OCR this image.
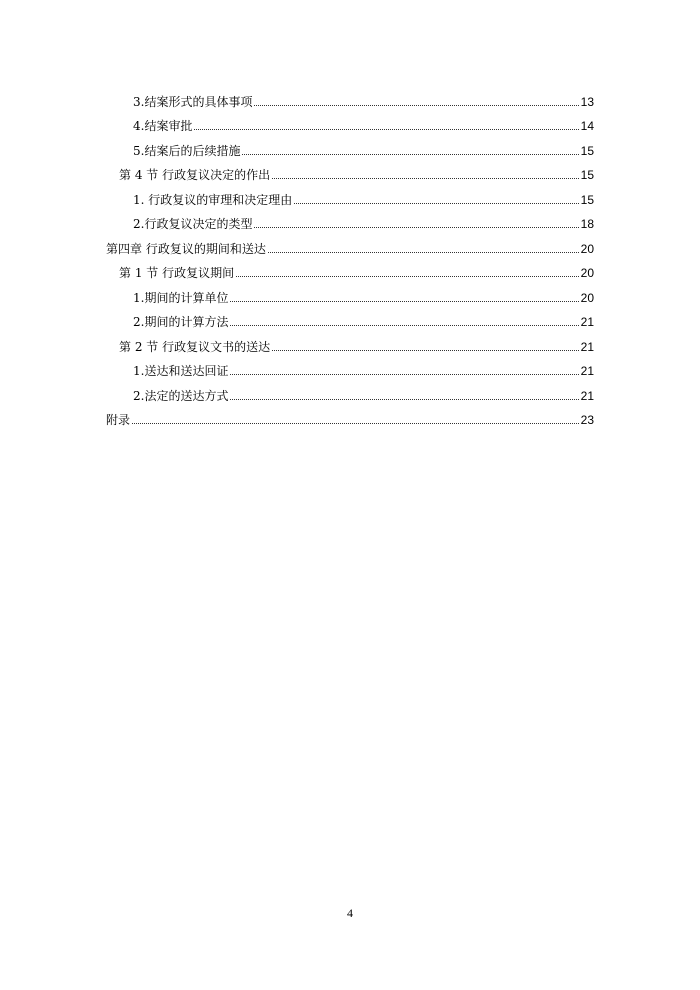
3.结案形式的具体事项	13
4.结案审批	14
5.结案后的后续措施	15
第 4 节 行政复议决定的作出	15
1. 行政复议的审理和决定理由	15
2.行政复议决定的类型	18
第四章 行政复议的期间和送达	20
第 1 节 行政复议期间	20
1.期间的计算单位	20
2.期间的计算方法	21
第 2 节 行政复议文书的送达	21
1.送达和送达回证	21
2.法定的送达方式	21
附录	23
4
